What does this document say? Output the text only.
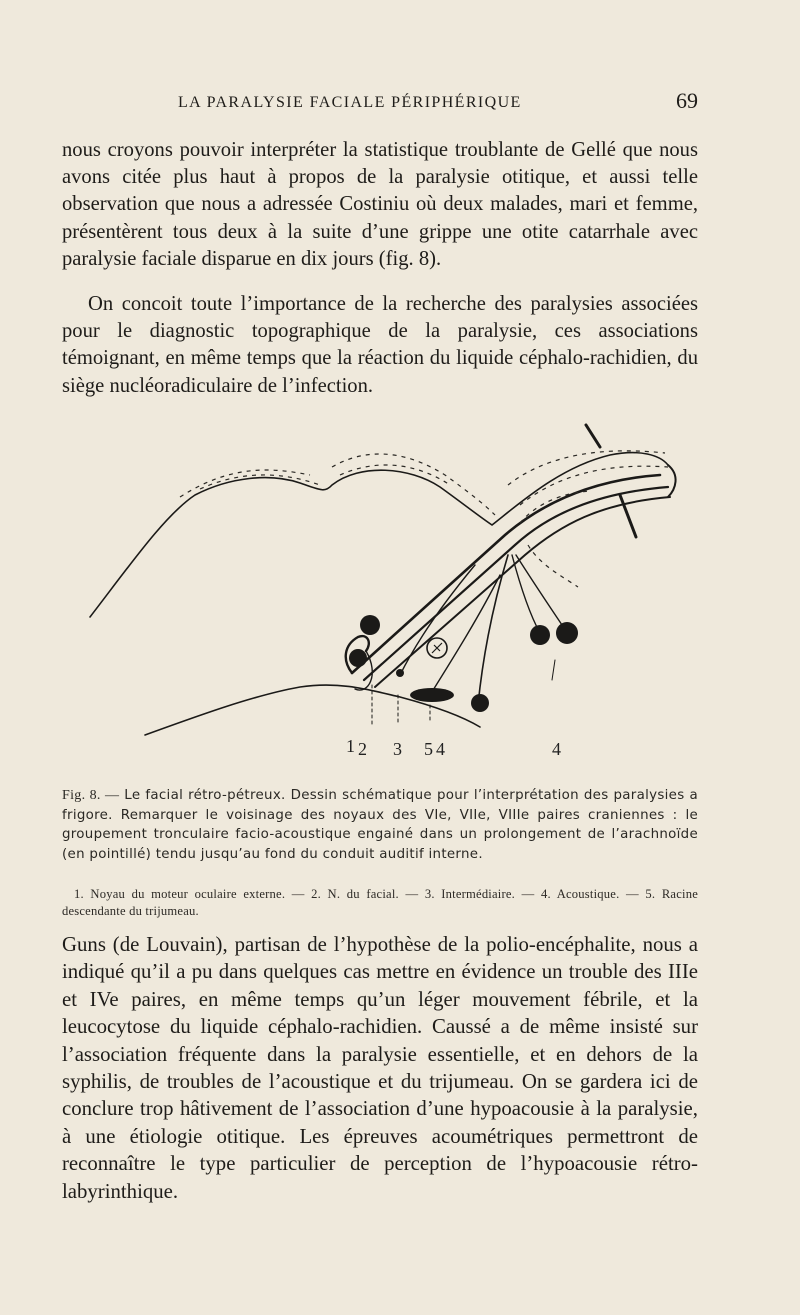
LA PARALYSIE FACIALE PÉRIPHÉRIQUE	69

nous croyons pouvoir interpréter la statistique troublante de Gellé que nous avons citée plus haut à propos de la paralysie otitique, et aussi telle observation que nous a adressée Costiniu où deux malades, mari et femme, présentèrent tous deux à la suite d’une grippe une otite catarrhale avec paralysie faciale disparue en dix jours (fig. 8).

On concoit toute l’importance de la recherche des paralysies associées pour le diagnostic topographique de la paralysie, ces associations témoignant, en même temps que la réaction du liquide céphalo-rachidien, du siège nucléoradiculaire de l’infection.

1 2 3 5 4	4
Fig. 8. — Le facial rétro-pétreux. Dessin schématique pour l’interprétation des paralysies a frigore. Remarquer le voisinage des noyaux des VIe, VIIe, VIIIe paires craniennes : le groupement tronculaire facio-acoustique engainé dans un prolongement de l’arachnoïde (en pointillé) tendu jusqu’au fond du conduit auditif interne.
1. Noyau du moteur oculaire externe. — 2. N. du facial. — 3. Intermédiaire. — 4. Acoustique. — 5. Racine descendante du trijumeau.

Guns (de Louvain), partisan de l’hypothèse de la polio-encéphalite, nous a indiqué qu’il a pu dans quelques cas mettre en évidence un trouble des IIIe et IVe paires, en même temps qu’un léger mouvement fébrile, et la leucocytose du liquide céphalo-rachidien. Caussé a de même insisté sur l’association fréquente dans la paralysie essentielle, et en dehors de la syphilis, de troubles de l’acoustique et du trijumeau. On se gardera ici de conclure trop hâtivement de l’association d’une hypoacousie à la paralysie, à une étiologie otitique. Les épreuves acoumétriques permettront de reconnaître le type particulier de perception de l’hypoacousie rétro-labyrinthique.
